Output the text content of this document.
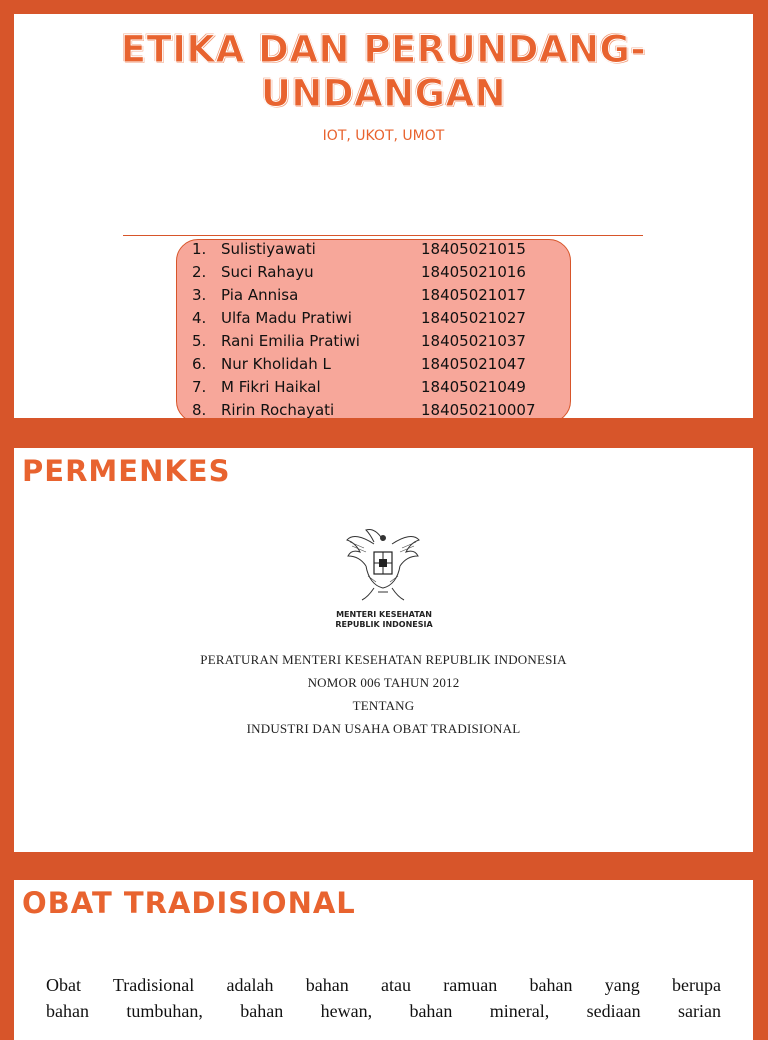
ETIKA DAN PERUNDANG-
UNDANGAN
IOT, UKOT, UMOT
1. Sulistiyawati	18405021015
2. Suci Rahayu	18405021016
3. Pia Annisa	18405021017
4. Ulfa Madu Pratiwi	18405021027
5. Rani Emilia Pratiwi	18405021037
6. Nur Kholidah L	18405021047
7. M Fikri Haikal	18405021049
8. Ririn Rochayati	184050210007
PERMENKES
MENTERI KESEHATAN
REPUBLIK INDONESIA
PERATURAN MENTERI KESEHATAN REPUBLIK INDONESIA
NOMOR 006 TAHUN 2012
TENTANG
INDUSTRI DAN USAHA OBAT TRADISIONAL
OBAT TRADISIONAL
Obat Tradisional adalah bahan atau ramuan bahan yang berupa
bahan tumbuhan, bahan hewan, bahan mineral, sediaan sarian
